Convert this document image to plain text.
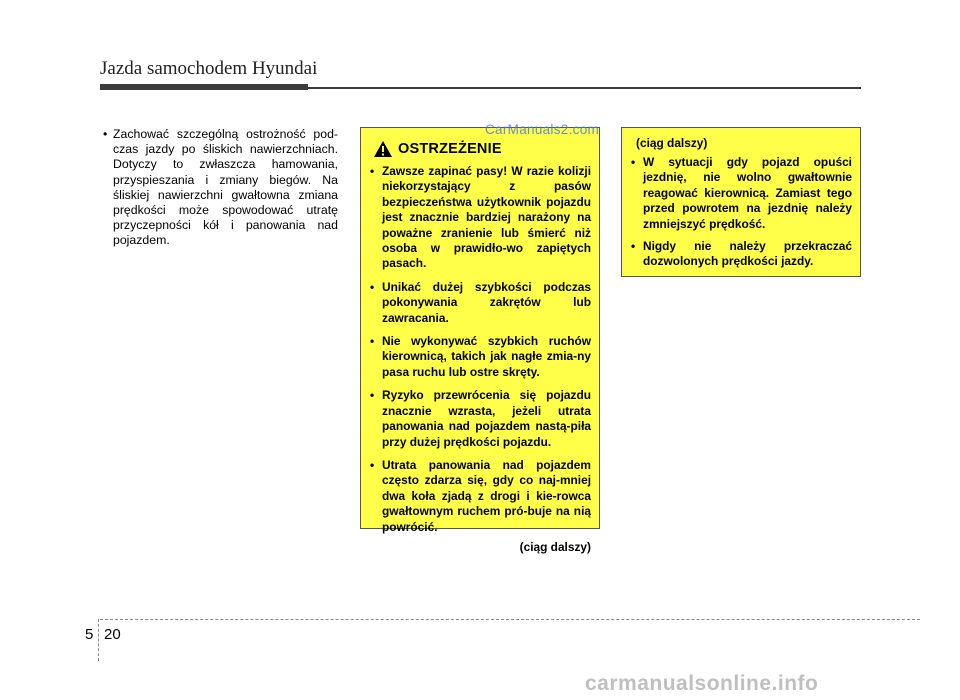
Jazda samochodem Hyundai
• Zachować szczególną ostrożność pod-czas jazdy po śliskich nawierzchniach. Dotyczy to zwłaszcza hamowania, przyspieszania i zmiany biegów. Na śliskiej nawierzchni gwałtowna zmiana prędkości może spowodować utratę przyczepności kół i panowania nad pojazdem.
OSTRZEŻENIE
• Zawsze zapinać pasy! W razie kolizji niekorzystający z pasów bezpieczeństwa użytkownik pojazdu jest znacznie bardziej narażony na poważne zranienie lub śmierć niż osoba w prawidło-wo zapiętych pasach.
• Unikać dużej szybkości podczas pokonywania zakrętów lub zawracania.
• Nie wykonywać szybkich ruchów kierownicą, takich jak nagłe zmia-ny pasa ruchu lub ostre skręty.
• Ryzyko przewrócenia się pojazdu znacznie wzrasta, jeżeli utrata panowania nad pojazdem nastą-piła przy dużej prędkości pojazdu.
• Utrata panowania nad pojazdem często zdarza się, gdy co naj-mniej dwa koła zjadą z drogi i kie-rowca gwałtownym ruchem pró-buje na nią powrócić.
(ciąg dalszy)
CarManuals2.com
(ciąg dalszy)
• W sytuacji gdy pojazd opuści jezdnię, nie wolno gwałtownie reagować kierownicą. Zamiast tego przed powrotem na jezdnię należy zmniejszyć prędkość.
• Nigdy nie należy przekraczać dozwolonych prędkości jazdy.
5 20
carmanualsonline.info
